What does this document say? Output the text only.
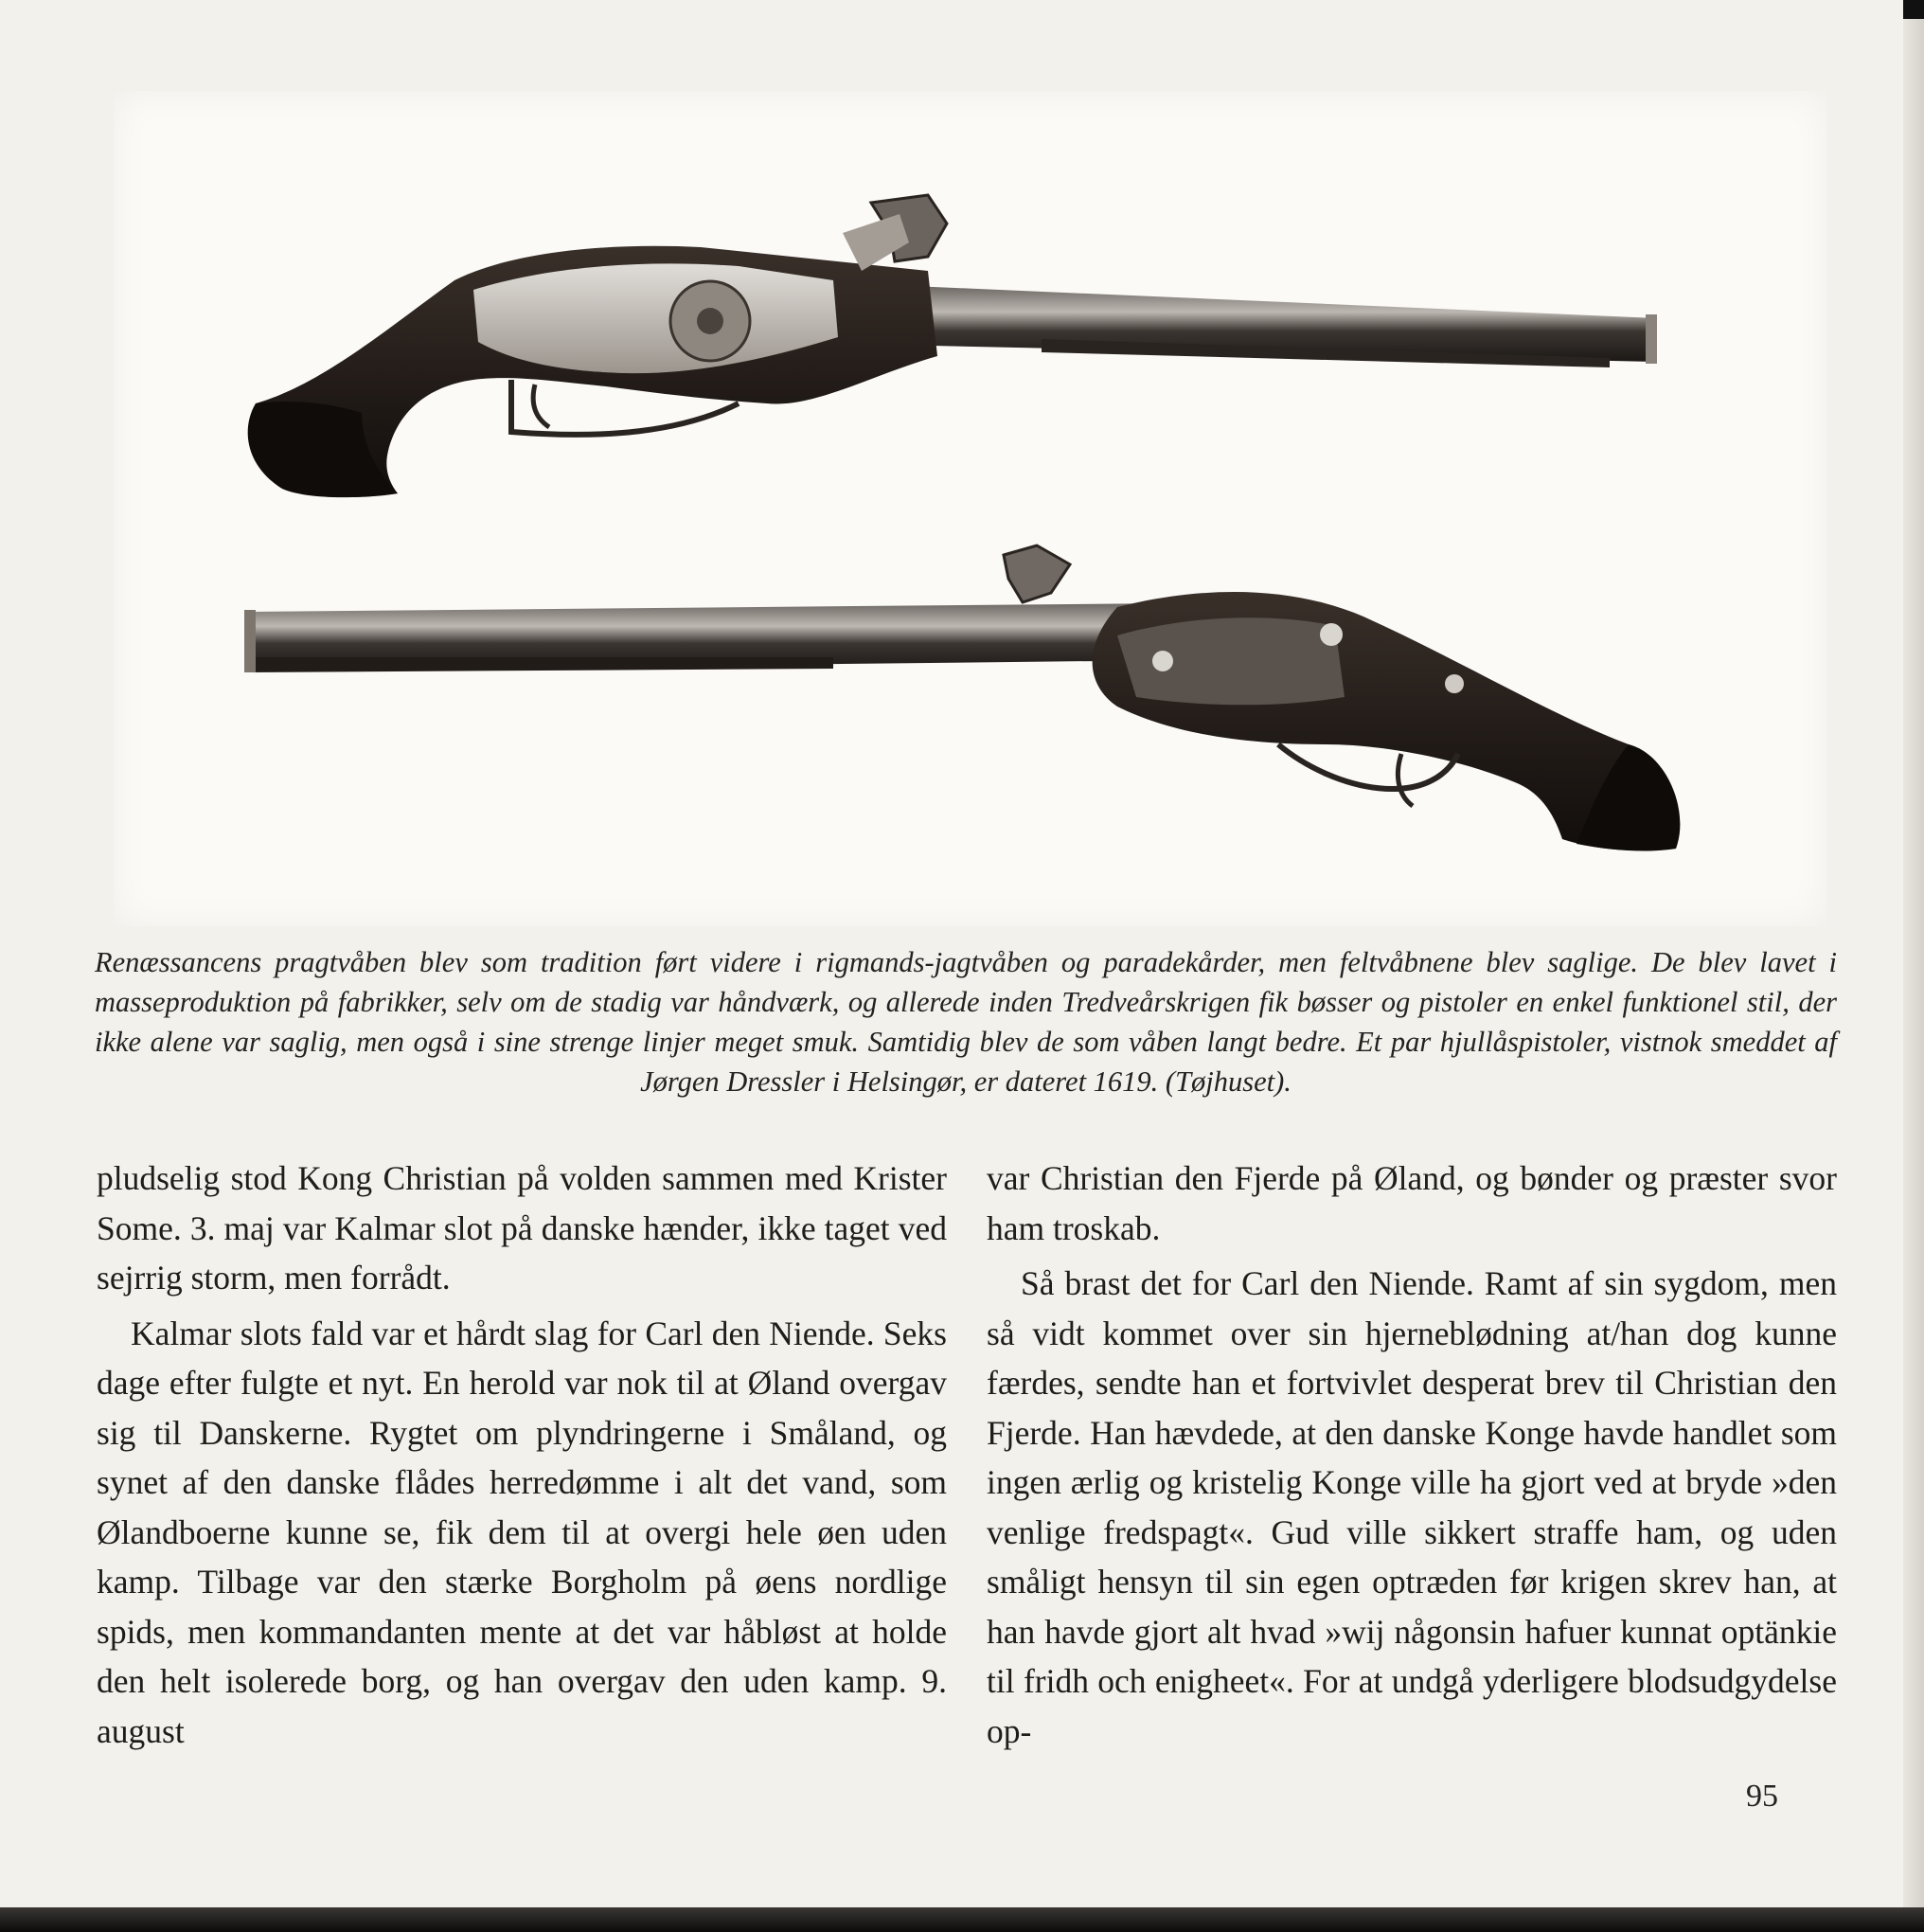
Renæssancens pragtvåben blev som tradition ført videre i rigmands-jagtvåben og paradekårder, men feltvåbnene blev saglige. De blev lavet i masseproduktion på fabrikker, selv om de stadig var håndværk, og allerede inden Tredveårskrigen fik bøsser og pistoler en enkel funktionel stil, der ikke alene var saglig, men også i sine strenge linjer meget smuk. Samtidig blev de som våben langt bedre. Et par hjullåspistoler, vistnok smeddet af Jørgen Dressler i Helsingør, er dateret 1619. (Tøjhuset).

pludselig stod Kong Christian på volden sammen med Krister Some. 3. maj var Kalmar slot på danske hænder, ikke taget ved sejrrig storm, men forrådt.

Kalmar slots fald var et hårdt slag for Carl den Niende. Seks dage efter fulgte et nyt. En herold var nok til at Øland overgav sig til Danskerne. Rygtet om plyndringerne i Småland, og synet af den danske flådes herredømme i alt det vand, som Ølandboerne kunne se, fik dem til at overgi hele øen uden kamp. Tilbage var den stærke Borgholm på øens nordlige spids, men kommandanten mente at det var håbløst at holde den helt isolerede borg, og han overgav den uden kamp. 9. august

var Christian den Fjerde på Øland, og bønder og præster svor ham troskab.

Så brast det for Carl den Niende. Ramt af sin sygdom, men så vidt kommet over sin hjerneblødning at/han dog kunne færdes, sendte han et fortvivlet desperat brev til Christian den Fjerde. Han hævdede, at den danske Konge havde handlet som ingen ærlig og kristelig Konge ville ha gjort ved at bryde »den venlige fredspagt«. Gud ville sikkert straffe ham, og uden småligt hensyn til sin egen optræden før krigen skrev han, at han havde gjort alt hvad »wij någonsin hafuer kunnat optänkie til fridh och enigheet«. For at undgå yderligere blodsudgydelse op-

95
